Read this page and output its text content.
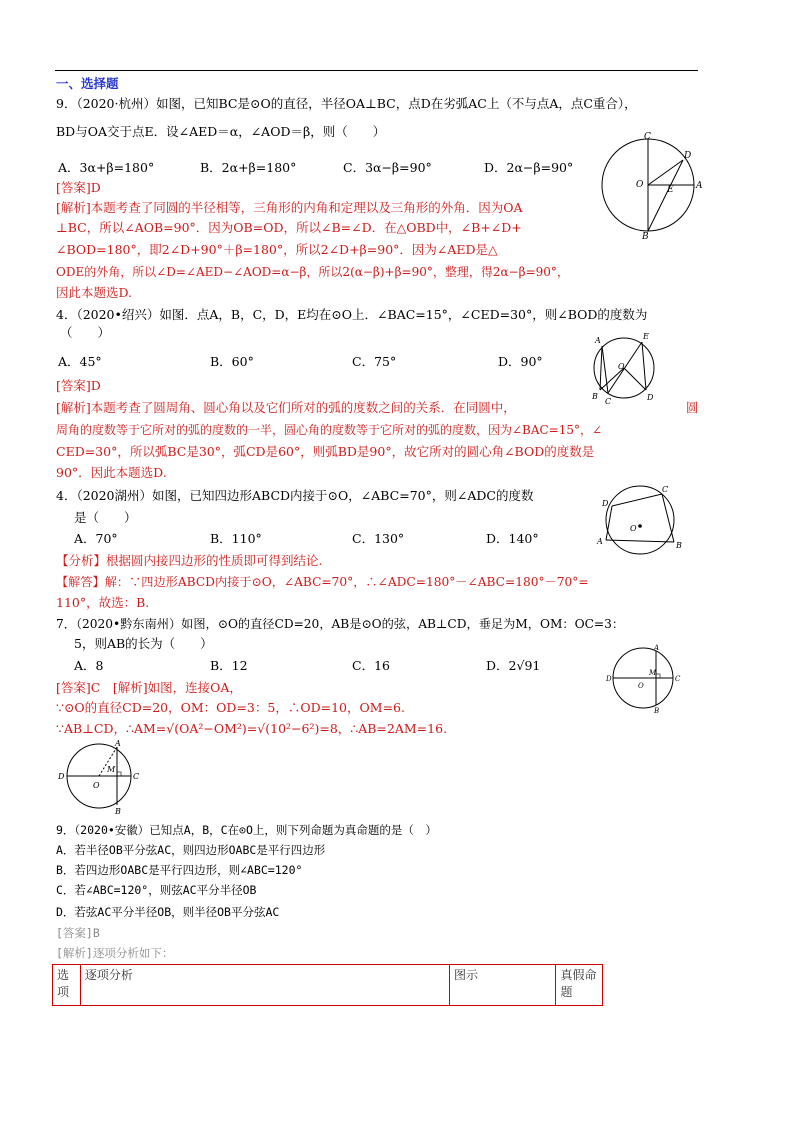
一、选择题
9．（2020·杭州）如图，已知BC是⊙O的直径，半径OA⊥BC，点D在劣弧AC上（不与点A，点C重合），
BD与OA交于点E．设∠AED＝α，∠AOD＝β，则（　　）
A．3α+β=180°	B．2α+β=180°	C．3α−β=90°	D．2α−β=90°
[答案]D
[解析]本题考查了同圆的半径相等，三角形的内角和定理以及三角形的外角．因为OA
⊥BC，所以∠AOB=90°．因为OB=OD，所以∠B=∠D．在△OBD中，∠B+∠D+
∠BOD=180°，即2∠D+90°＋β=180°，所以2∠D+β=90°．因为∠AED是△
ODE的外角，所以∠D=∠AED−∠AOD=α−β，所以2(α−β)+β=90°，整理，得2α−β=90°，
因此本题选D.
C
D
O	E A
B
4．（2020•绍兴）如图．点A，B，C，D，E均在⊙O上．∠BAC=15°，∠CED=30°，则∠BOD的度数为
（　　）
A．45°	B．60°	C．75°	D．90°
[答案]D
[解析]本题考查了圆周角、圆心角以及它们所对的弧的度数之间的关系．在同圆中，	圆
周角的度数等于它所对的弧的度数的一半，圆心角的度数等于它所对的弧的度数，因为∠BAC=15°，∠
CED=30°，所以弧BC是30°，弧CD是60°，则弧BD是90°，故它所对的圆心角∠BOD的度数是
90°．因此本题选D.
A	E
O
B
C	D
4．（2020湖州）如图，已知四边形ABCD内接于⊙O，∠ABC=70°，则∠ADC的度数
是（　　）
A．70°	B．110°	C．130°	D．140°
【分析】根据圆内接四边形的性质即可得到结论.
【解答】解：∵四边形ABCD内接于⊙O，∠ABC=70°，∴∠ADC=180°－∠ABC=180°－70°=
110°，故选：B.
C
D
O
A	B
7．（2020•黔东南州）如图，⊙O的直径CD=20，AB是⊙O的弦，AB⊥CD，垂足为M，OM：OC=3：
5，则AB的长为（　　）
A．8	B．12	C．16	D．2√91
[答案]C　[解析]如图，连接OA，
∵⊙O的直径CD=20，OM：OD=3：5，∴OD=10，OM=6.
∵AB⊥CD，∴AM=√(OA²−OM²)=√(10²−6²)=8，∴AB=2AM=16.
D
O
M
C
A
B
D
O
M
C
A
B
9．（2020•安徽）已知点A，B，C在⊙O上，则下列命题为真命题的是（　）
A．若半径OB平分弦AC，则四边形OABC是平行四边形
B．若四边形OABC是平行四边形，则∠ABC=120°
C．若∠ABC=120°，则弦AC平分半径OB
D．若弦AC平分半径OB，则半径OB平分弦AC
[答案]B
[解析]逐项分析如下：
选项	逐项分析	图示	真假命题
